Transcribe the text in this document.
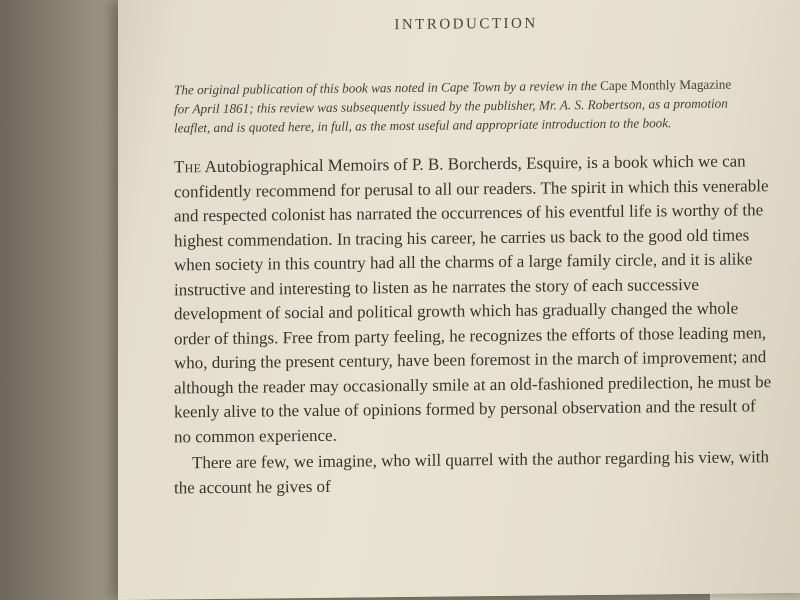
INTRODUCTION
The original publication of this book was noted in Cape Town by a review in the Cape Monthly Magazine for April 1861; this review was subsequently issued by the publisher, Mr. A. S. Robertson, as a promotion leaflet, and is quoted here, in full, as the most useful and appropriate introduction to the book.

The Autobiographical Memoirs of P. B. Borcherds, Esquire, is a book which we can confidently recommend for perusal to all our readers. The spirit in which this venerable and respected colonist has narrated the occurrences of his eventful life is worthy of the highest commendation. In tracing his career, he carries us back to the good old times when society in this country had all the charms of a large family circle, and it is alike instructive and interesting to listen as he narrates the story of each successive development of social and political growth which has gradually changed the whole order of things. Free from party feeling, he recognizes the efforts of those leading men, who, during the present century, have been foremost in the march of improvement; and although the reader may occasionally smile at an old-fashioned predilection, he must be keenly alive to the value of opinions formed by personal observation and the result of no common experience.

There are few, we imagine, who will quarrel with the author regarding his view, with the account he gives of
